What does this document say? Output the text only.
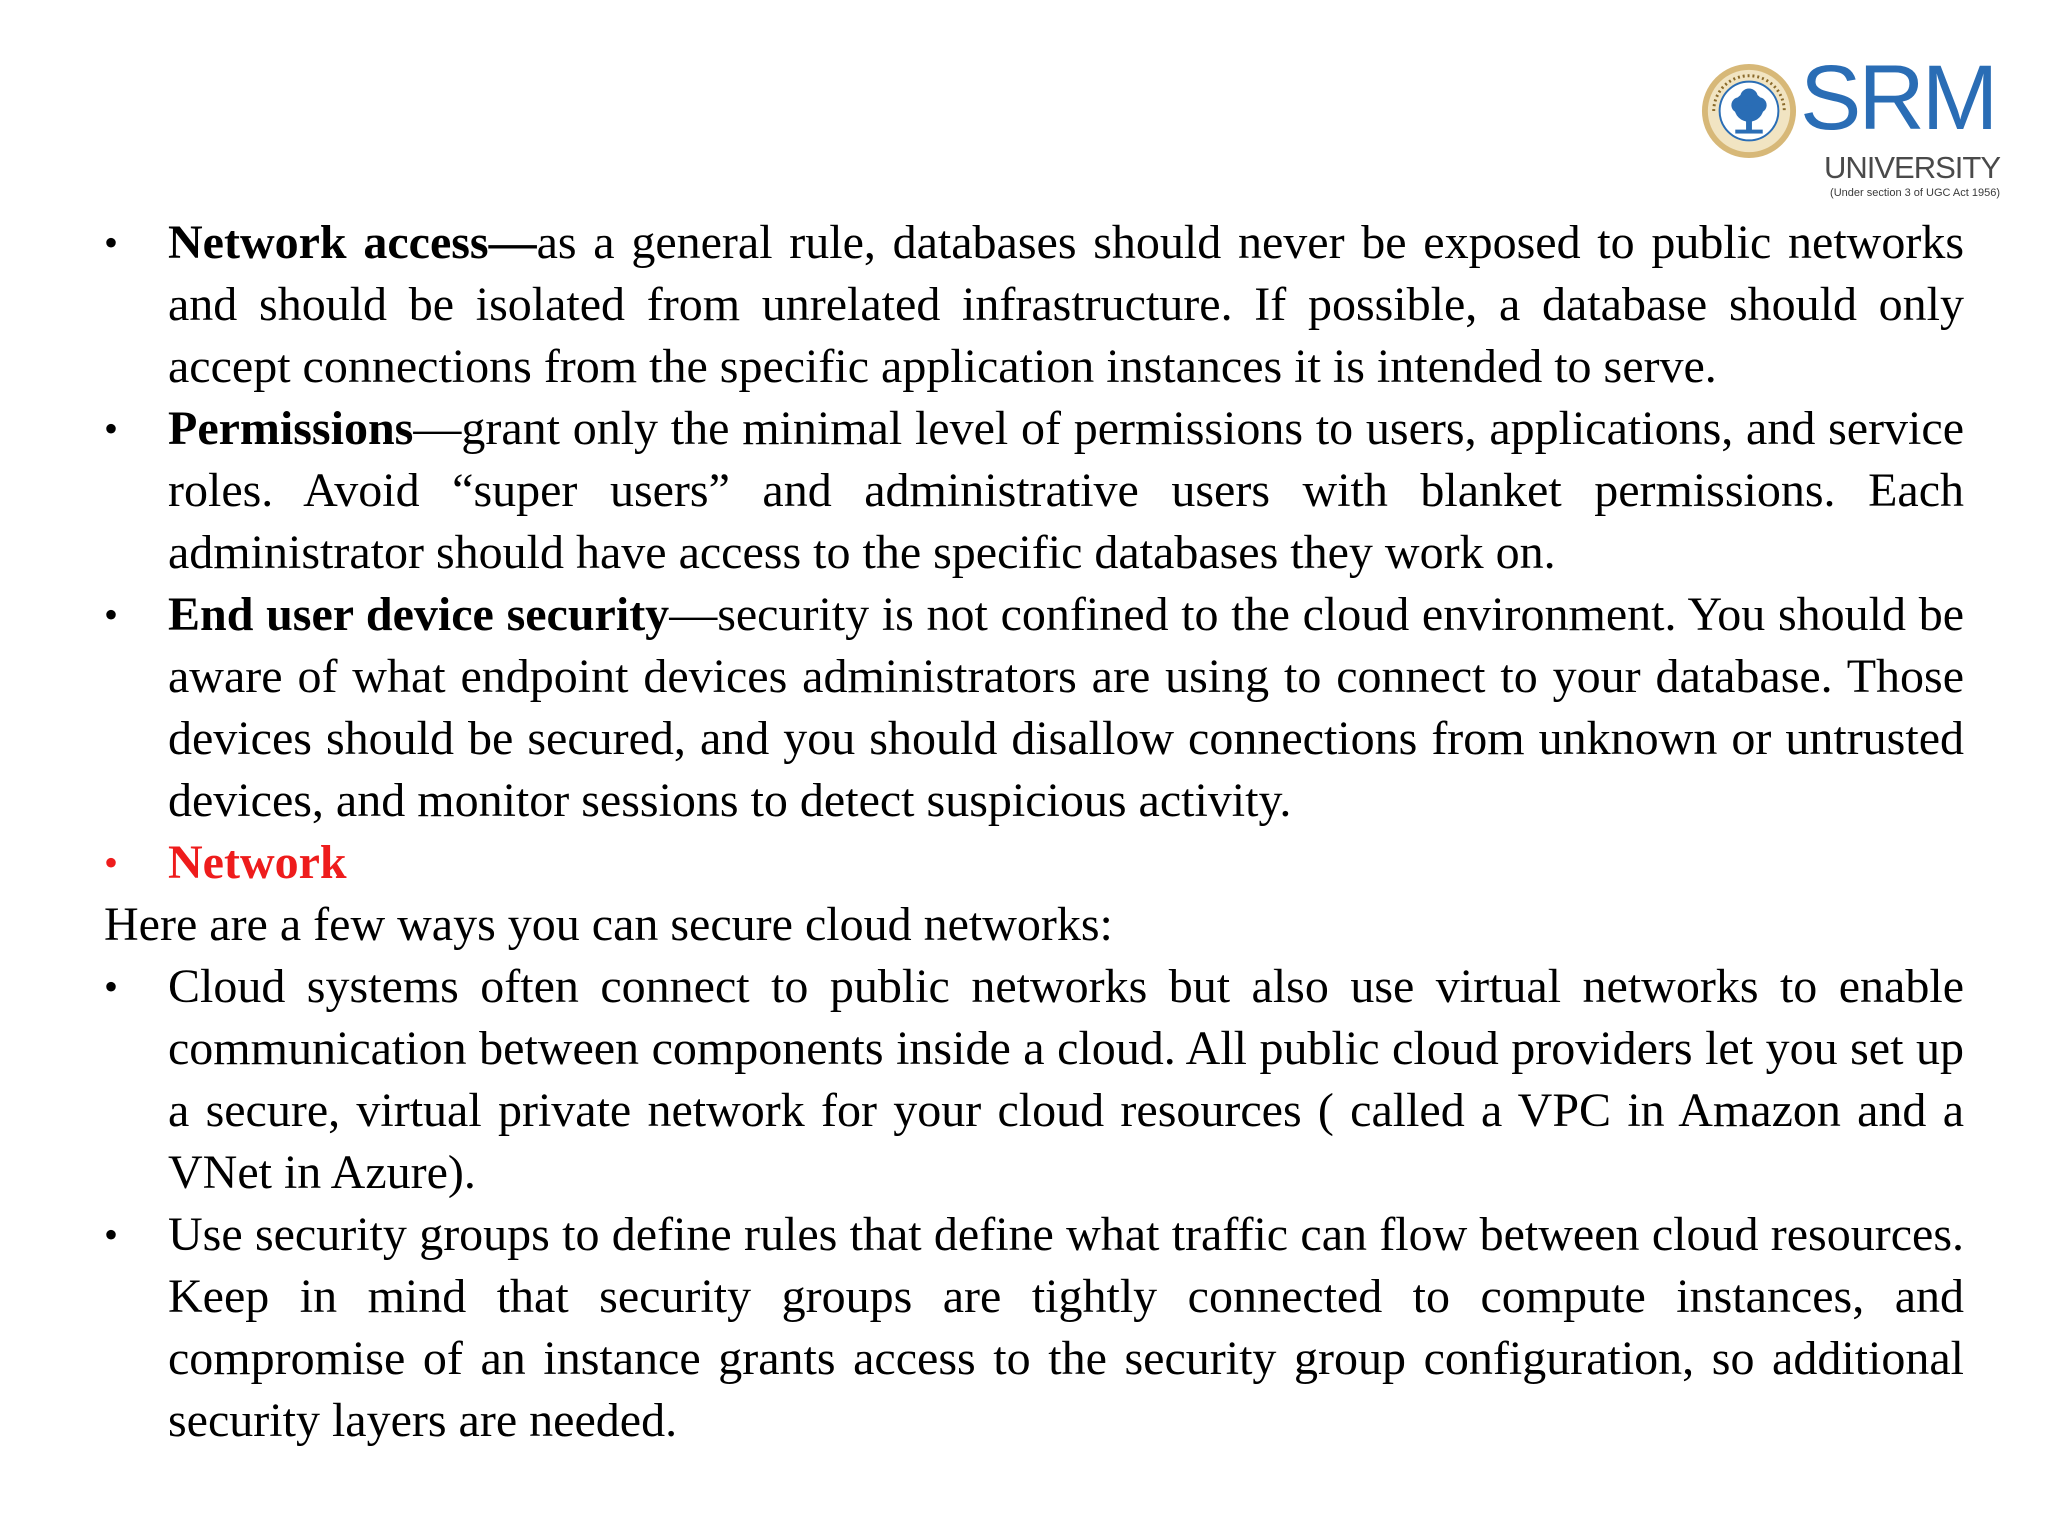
SRM
UNIVERSITY
(Under section 3 of UGC Act 1956)
• Network access—as a general rule, databases should never be exposed to public networks and should be isolated from unrelated infrastructure. If possible, a database should only accept connections from the specific application instances it is intended to serve.
• Permissions—grant only the minimal level of permissions to users, applications, and service roles. Avoid “super users” and administrative users with blanket permissions. Each administrator should have access to the specific databases they work on.
• End user device security—security is not confined to the cloud environment. You should be aware of what endpoint devices administrators are using to connect to your database. Those devices should be secured, and you should disallow connections from unknown or untrusted devices, and monitor sessions to detect suspicious activity.
• Network
Here are a few ways you can secure cloud networks:
• Cloud systems often connect to public networks but also use virtual networks to enable communication between components inside a cloud. All public cloud providers let you set up a secure, virtual private network for your cloud resources ( called a VPC in Amazon and a VNet in Azure).
• Use security groups to define rules that define what traffic can flow between cloud resources. Keep in mind that security groups are tightly connected to compute instances, and compromise of an instance grants access to the security group configuration, so additional security layers are needed.
